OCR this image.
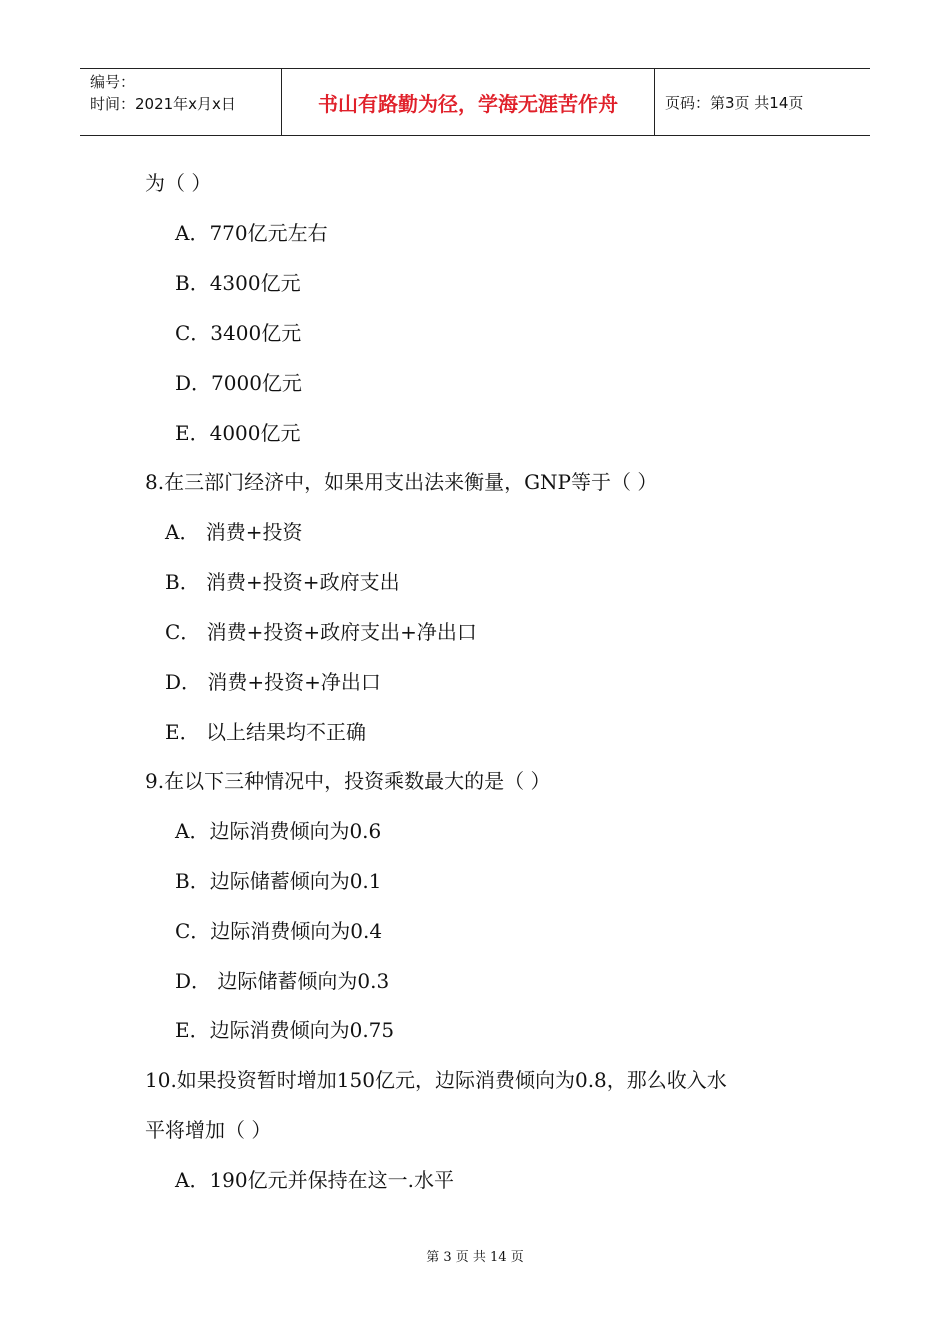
编号：
时间：2021年x月x日	书山有路勤为径，学海无涯苦作舟	页码：第3页 共14页
为（ ）
A．770亿元左右
B．4300亿元
C．3400亿元
D．7000亿元
E．4000亿元
8.在三部门经济中，如果用支出法来衡量，GNP等于（ ）
A． 消费+投资
B． 消费+投资+政府支出
C． 消费+投资+政府支出+净出口
D． 消费+投资+净出口
E． 以上结果均不正确
9.在以下三种情况中，投资乘数最大的是（ ）
A．边际消费倾向为0.6
B．边际储蓄倾向为0.1
C．边际消费倾向为0.4
D． 边际储蓄倾向为0.3
E．边际消费倾向为0.75
10.如果投资暂时增加150亿元，边际消费倾向为0.8，那么收入水
平将增加（ ）
A．190亿元并保持在这一.水平
第 3 页 共 14 页
